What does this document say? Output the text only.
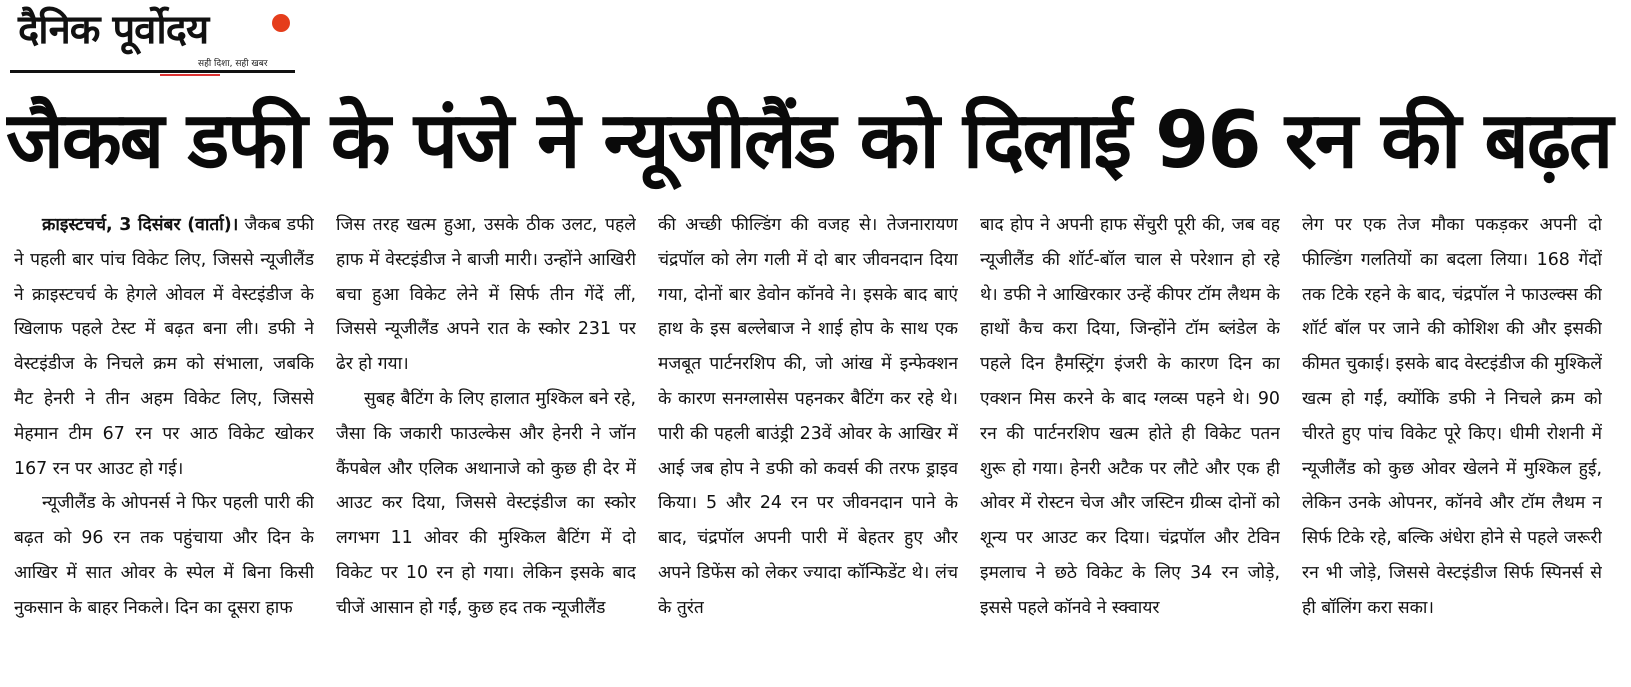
दैनिक पूर्वोदय
सही दिशा, सही खबर
जैकब डफी के पंजे ने न्यूजीलैंड को दिलाई 96 रन की बढ़त

क्राइस्टचर्च, 3 दिसंबर (वार्ता)। जैकब डफी ने पहली बार पांच विकेट लिए, जिससे न्यूजीलैंड ने क्राइस्टचर्च के हेगले ओवल में वेस्टइंडीज के खिलाफ पहले टेस्ट में बढ़त बना ली। डफी ने वेस्टइंडीज के निचले क्रम को संभाला, जबकि मैट हेनरी ने तीन अहम विकेट लिए, जिससे मेहमान टीम 67 रन पर आठ विकेट खोकर 167 रन पर आउट हो गई।

न्यूजीलैंड के ओपनर्स ने फिर पहली पारी की बढ़त को 96 रन तक पहुंचाया और दिन के आखिर में सात ओवर के स्पेल में बिना किसी नुकसान के बाहर निकले। दिन का दूसरा हाफ

जिस तरह खत्म हुआ, उसके ठीक उलट, पहले हाफ में वेस्टइंडीज ने बाजी मारी। उन्होंने आखिरी बचा हुआ विकेट लेने में सिर्फ तीन गेंदें लीं, जिससे न्यूजीलैंड अपने रात के स्कोर 231 पर ढेर हो गया।

सुबह बैटिंग के लिए हालात मुश्किल बने रहे, जैसा कि जकारी फाउल्केस और हेनरी ने जॉन कैंपबेल और एलिक अथानाजे को कुछ ही देर में आउट कर दिया, जिससे वेस्टइंडीज का स्कोर लगभग 11 ओवर की मुश्किल बैटिंग में दो विकेट पर 10 रन हो गया। लेकिन इसके बाद चीजें आसान हो गईं, कुछ हद तक न्यूजीलैंड

की अच्छी फील्डिंग की वजह से। तेजनारायण चंद्रपॉल को लेग गली में दो बार जीवनदान दिया गया, दोनों बार डेवोन कॉनवे ने। इसके बाद बाएं हाथ के इस बल्लेबाज ने शाई होप के साथ एक मजबूत पार्टनरशिप की, जो आंख में इन्फेक्शन के कारण सनग्लासेस पहनकर बैटिंग कर रहे थे। पारी की पहली बाउंड्री 23वें ओवर के आखिर में आई जब होप ने डफी को कवर्स की तरफ ड्राइव किया। 5 और 24 रन पर जीवनदान पाने के बाद, चंद्रपॉल अपनी पारी में बेहतर हुए और अपने डिफेंस को लेकर ज्यादा कॉन्फिडेंट थे। लंच के तुरंत

बाद होप ने अपनी हाफ सेंचुरी पूरी की, जब वह न्यूजीलैंड की शॉर्ट-बॉल चाल से परेशान हो रहे थे। डफी ने आखिरकार उन्हें कीपर टॉम लैथम के हाथों कैच करा दिया, जिन्होंने टॉम ब्लंडेल के पहले दिन हैमस्ट्रिंग इंजरी के कारण दिन का एक्शन मिस करने के बाद ग्लव्स पहने थे। 90 रन की पार्टनरशिप खत्म होते ही विकेट पतन शुरू हो गया। हेनरी अटैक पर लौटे और एक ही ओवर में रोस्टन चेज और जस्टिन ग्रीव्स दोनों को शून्य पर आउट कर दिया। चंद्रपॉल और टेविन इमलाच ने छठे विकेट के लिए 34 रन जोड़े, इससे पहले कॉनवे ने स्क्वायर

लेग पर एक तेज मौका पकड़कर अपनी दो फील्डिंग गलतियों का बदला लिया। 168 गेंदों तक टिके रहने के बाद, चंद्रपॉल ने फाउल्क्स की शॉर्ट बॉल पर जाने की कोशिश की और इसकी कीमत चुकाई। इसके बाद वेस्टइंडीज की मुश्किलें खत्म हो गईं, क्योंकि डफी ने निचले क्रम को चीरते हुए पांच विकेट पूरे किए। धीमी रोशनी में न्यूजीलैंड को कुछ ओवर खेलने में मुश्किल हुई, लेकिन उनके ओपनर, कॉनवे और टॉम लैथम न सिर्फ टिके रहे, बल्कि अंधेरा होने से पहले जरूरी रन भी जोड़े, जिससे वेस्टइंडीज सिर्फ स्पिनर्स से ही बॉलिंग करा सका।
